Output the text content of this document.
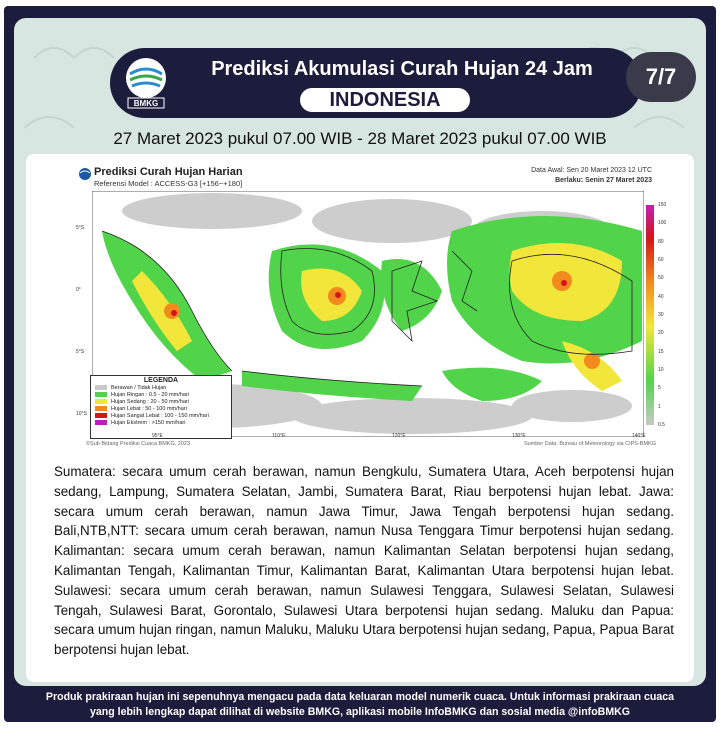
BMKG
Prediksi Akumulasi Curah Hujan 24 Jam
INDONESIA
7/7
27 Maret 2023 pukul 07.00 WIB - 28 Maret 2023 pukul 07.00 WIB
Prediksi Curah Hujan Harian
Referensi Model : ACCESS-G3 [+156~+180]
Data Awal: Sen 20 Maret 2023 12 UTC
Berlaku: Senin 27 Maret 2023
LEGENDA
Berawan / Tidak Hujan
Hujan Ringan : 0.5 - 20 mm/hari
Hujan Sedang : 20 - 50 mm/hari
Hujan Lebat : 50 - 100 mm/hari
Hujan Sangat Lebat : 100 - 150 mm/hari
Hujan Ekstrem : >150 mm/hari
150
100
80
60
50
40
30
20
15
10
5
1
0.5
5°S
0°
5°S
10°S
95°E	110°E	120°E	130°E	140°E
©Sub Bidang Prediksi Cuaca BMKG, 2023	Sumber Data: Bureau of Meteorology via CIPS-BMKG
Sumatera: secara umum cerah berawan, namun Bengkulu, Sumatera Utara, Aceh berpotensi hujan sedang, Lampung, Sumatera Selatan, Jambi, Sumatera Barat, Riau berpotensi hujan lebat. Jawa: secara umum cerah berawan, namun Jawa Timur, Jawa Tengah berpotensi hujan sedang. Bali,NTB,NTT: secara umum cerah berawan, namun Nusa Tenggara Timur berpotensi hujan sedang. Kalimantan: secara umum cerah berawan, namun Kalimantan Selatan berpotensi hujan sedang, Kalimantan Tengah, Kalimantan Timur, Kalimantan Barat, Kalimantan Utara berpotensi hujan lebat. Sulawesi: secara umum cerah berawan, namun Sulawesi Tenggara, Sulawesi Selatan, Sulawesi Tengah, Sulawesi Barat, Gorontalo, Sulawesi Utara berpotensi hujan sedang. Maluku dan Papua: secara umum hujan ringan, namun Maluku, Maluku Utara berpotensi hujan sedang, Papua, Papua Barat berpotensi hujan lebat.
Produk prakiraan hujan ini sepenuhnya mengacu pada data keluaran model numerik cuaca. Untuk informasi prakiraan cuaca
yang lebih lengkap dapat dilihat di website BMKG, aplikasi mobile InfoBMKG dan sosial media @infoBMKG
